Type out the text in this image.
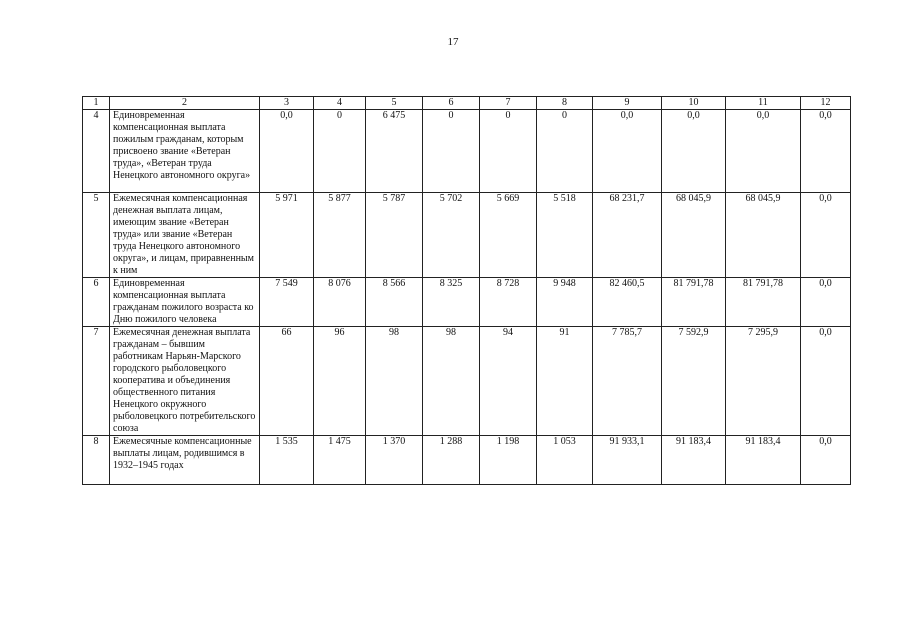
17
1	2	3	4	5	6	7	8	9	10	11	12
4	Единовременная компенсационная выплата пожилым гражданам, которым присвоено звание «Ветеран труда», «Ветеран труда Ненецкого автономного округа»	0,0	0	6 475	0	0	0	0,0	0,0	0,0	0,0
5	Ежемесячная компенсационная денежная выплата лицам, имеющим звание «Ветеран труда» или звание «Ветеран труда Ненецкого автономного округа», и лицам, приравненным к ним	5 971	5 877	5 787	5 702	5 669	5 518	68 231,7	68 045,9	68 045,9	0,0
6	Единовременная компенсационная выплата гражданам пожилого возраста ко Дню пожилого человека	7 549	8 076	8 566	8 325	8 728	9 948	82 460,5	81 791,78	81 791,78	0,0
7	Ежемесячная денежная выплата гражданам – бывшим работникам Нарьян-Марского городского рыболовецкого кооператива и объединения общественного питания Ненецкого окружного рыболовецкого потребительского союза	66	96	98	98	94	91	7 785,7	7 592,9	7 295,9	0,0
8	Ежемесячные компенсационные выплаты лицам, родившимся в 1932–1945 годах	1 535	1 475	1 370	1 288	1 198	1 053	91 933,1	91 183,4	91 183,4	0,0
